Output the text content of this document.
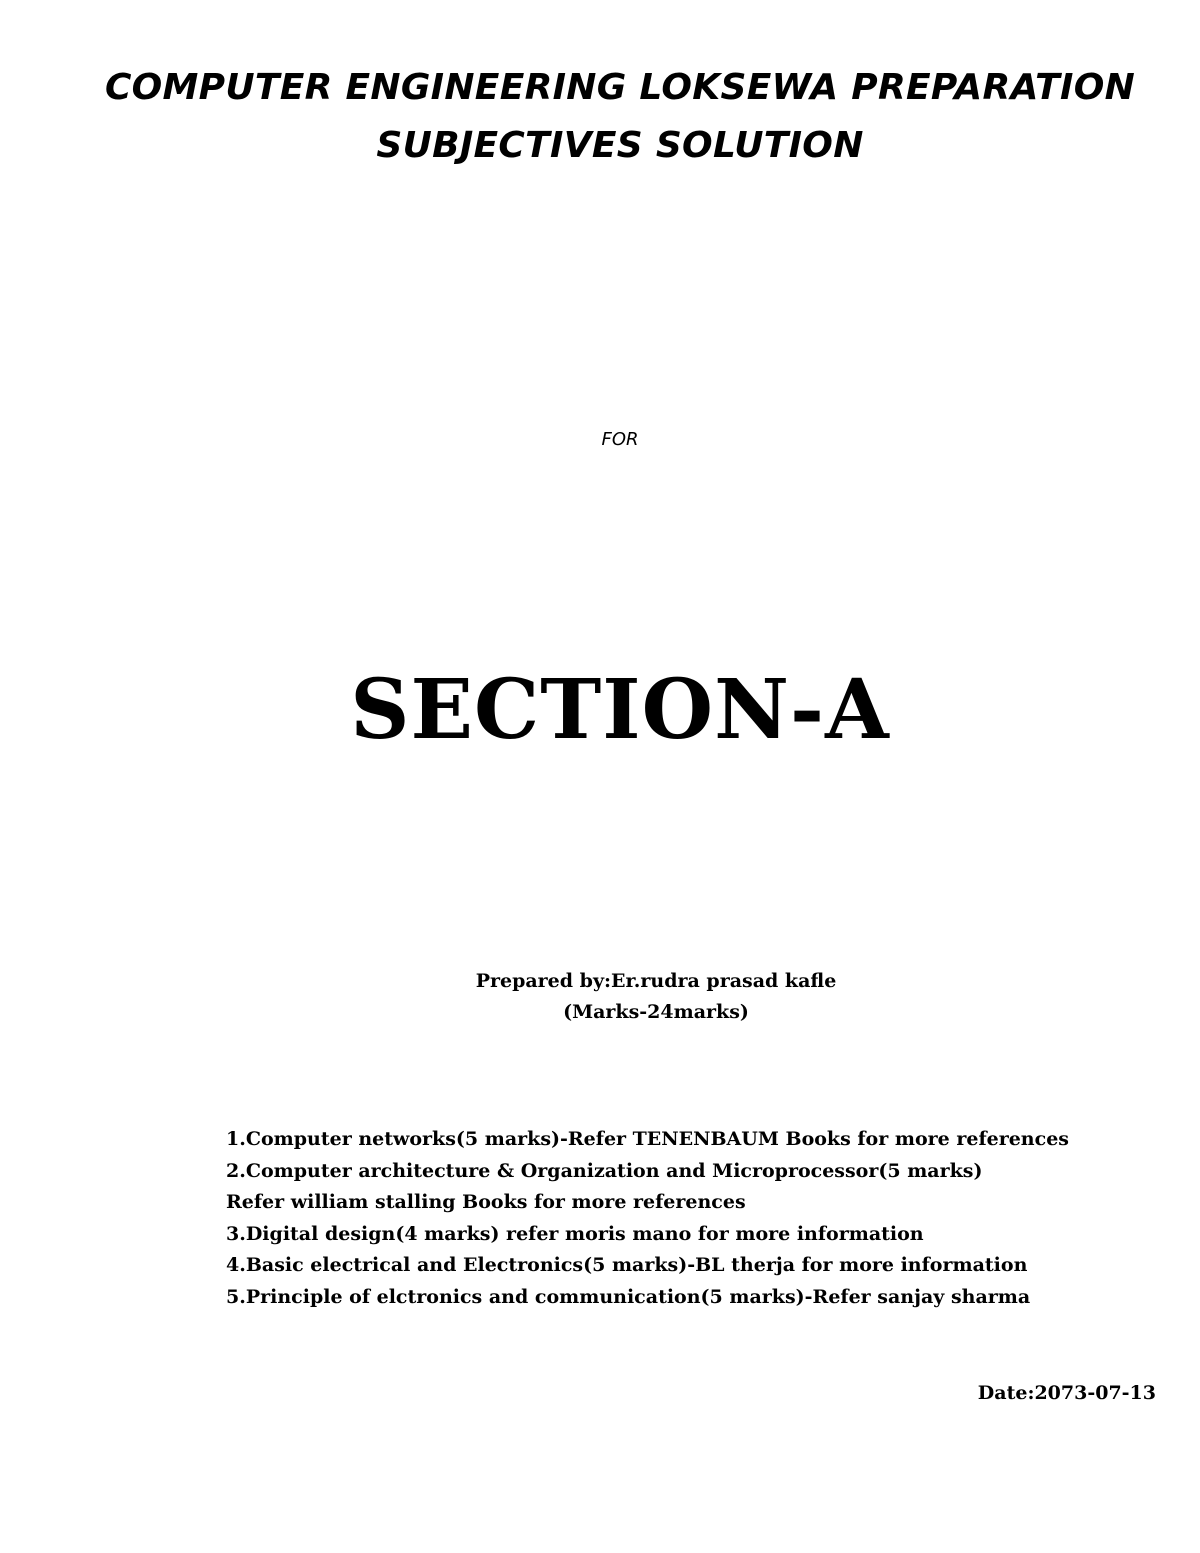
COMPUTER ENGINEERING LOKSEWA PREPARATION
SUBJECTIVES SOLUTION
FOR
SECTION-A
Prepared by:Er.rudra prasad kafle
(Marks-24marks)
1.Computer networks(5 marks)-Refer TENENBAUM Books for more references
2.Computer architecture & Organization and Microprocessor(5 marks)
Refer william stalling Books for more references
3.Digital design(4 marks) refer moris mano for more information
4.Basic electrical and Electronics(5 marks)-BL therja for more information
5.Principle of elctronics and communication(5 marks)-Refer sanjay sharma
Date:2073-07-13
